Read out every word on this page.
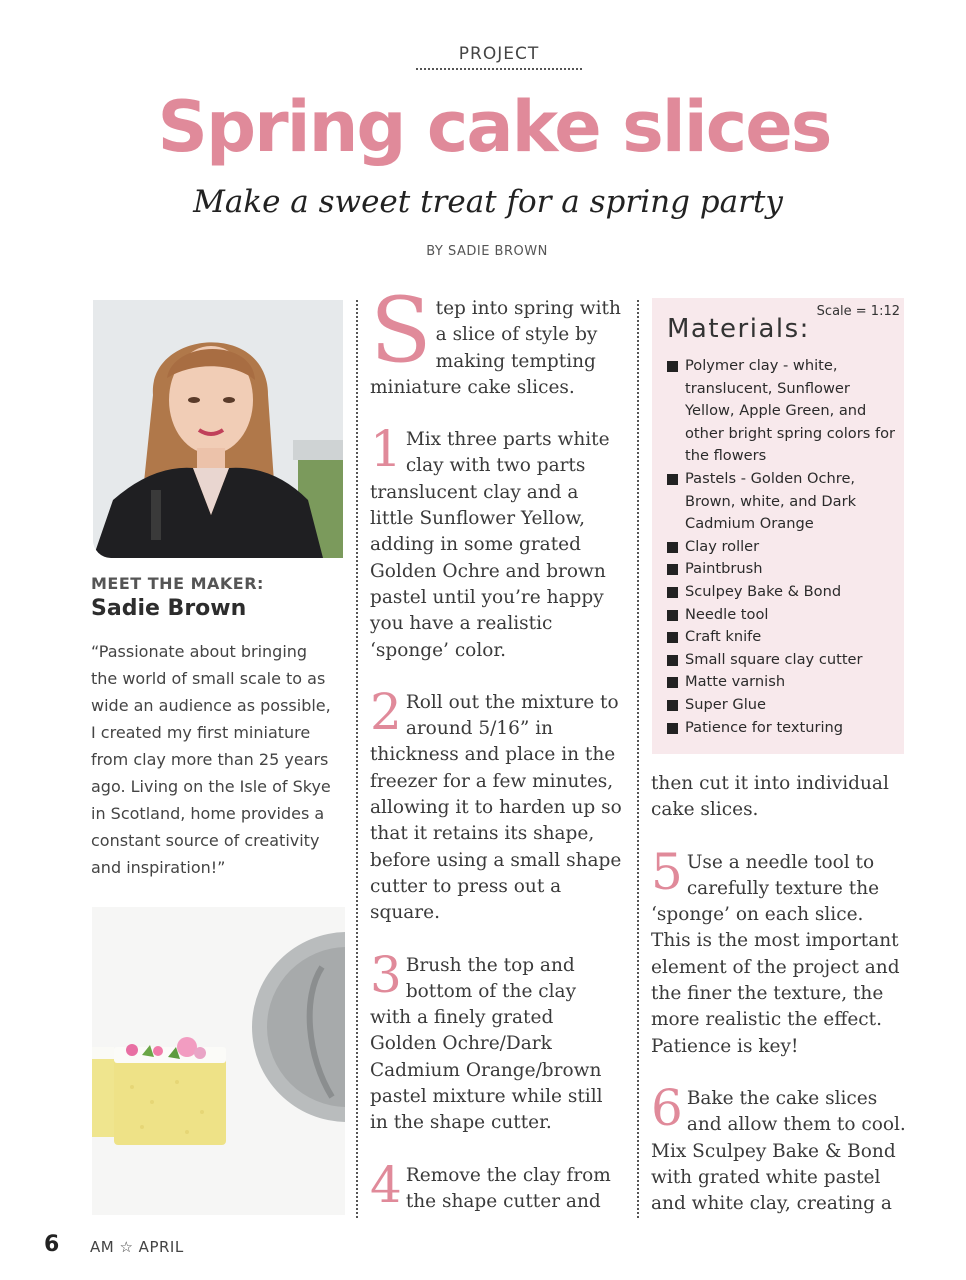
PROJECT
Spring cake slices
Make a sweet treat for a spring party
BY SADIE BROWN
MEET THE MAKER:
Sadie Brown

“Passionate about bringing the world of small scale to as wide an audience as possible, I created my first miniature from clay more than 25 years ago. Living on the Isle of Skye in Scotland, home provides a constant source of creativity and inspiration!”

Step into spring with a slice of style by making tempting miniature cake slices.

1 Mix three parts white clay with two parts translucent clay and a little Sunflower Yellow, adding in some grated Golden Ochre and brown pastel until you’re happy you have a realistic ‘sponge’ color.

2 Roll out the mixture to around 5/16” in thickness and place in the freezer for a few minutes, allowing it to harden up so that it retains its shape, before using a small shape cutter to press out a square.

3 Brush the top and bottom of the clay with a finely grated Golden Ochre/Dark Cadmium Orange/brown pastel mixture while still in the shape cutter.

4 Remove the clay from the shape cutter and

Scale = 1:12
Materials:
Polymer clay - white, translucent, Sunflower Yellow, Apple Green, and other bright spring colors for the flowers
Pastels - Golden Ochre, Brown, white, and Dark Cadmium Orange
Clay roller
Paintbrush
Sculpey Bake & Bond
Needle tool
Craft knife
Small square clay cutter
Matte varnish
Super Glue
Patience for texturing

then cut it into individual cake slices.

5 Use a needle tool to carefully texture the ‘sponge’ on each slice. This is the most important element of the project and the finer the texture, the more realistic the effect. Patience is key!

6 Bake the cake slices and allow them to cool. Mix Sculpey Bake & Bond with grated white pastel and white clay, creating a

6 AM ☆ APRIL
